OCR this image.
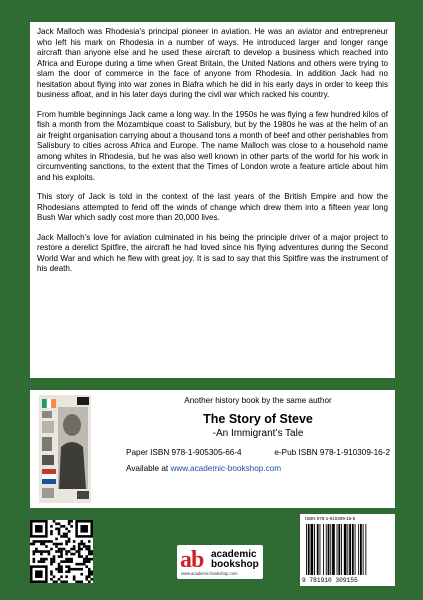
Jack Malloch was Rhodesia’s principal pioneer in aviation. He was an aviator and entrepreneur who left his mark on Rhodesia in a number of ways. He introduced larger and longer range aircraft than anyone else and he used these aircraft to develop a business which reached into Africa and Europe during a time when Great Britain, the United Nations and others were trying to slam the door of commerce in the face of anyone from Rhodesia. In addition Jack had no hesitation about flying into war zones in Biafra which he did in his early days in order to keep this business afloat, and in his later days during the civil war which racked his country.

From humble beginnings Jack came a long way. In the 1950s he was flying a few hundred kilos of fish a month from the Mozambique coast to Salisbury, but by the 1980s he was at the helm of an air freight organisation carrying about a thousand tons a month of beef and other perishables from Salisbury to cities across Africa and Europe. The name Malloch was close to a household name among whites in Rhodesia, but he was also well known in other parts of the world for his work in circumventing sanctions, to the extent that the Times of London wrote a feature article about him and his exploits.

This story of Jack is told in the context of the last years of the British Empire and how the Rhodesians attempted to fend off the winds of change which drew them into a fifteen year long Bush War which sadly cost more than 20,000 lives.

Jack Malloch’s love for aviation culminated in his being the principle driver of a major project to restore a derelict Spitfire, the aircraft he had loved since his flying adventures during the Second World War and which he flew with great joy. It is sad to say that this Spitfire was the instrument of his death.

Another history book by the same author
The Story of Steve
-An Immigrant’s Tale
Paper ISBN 978-1-905305-66-4	e-Pub ISBN 978-1-910309-16-2
Available at www.academic-bookshop.com
ab academic
bookshop
www.academic-bookshop.com
ISBN 978-1-910309-15-5
9 781910 309155
